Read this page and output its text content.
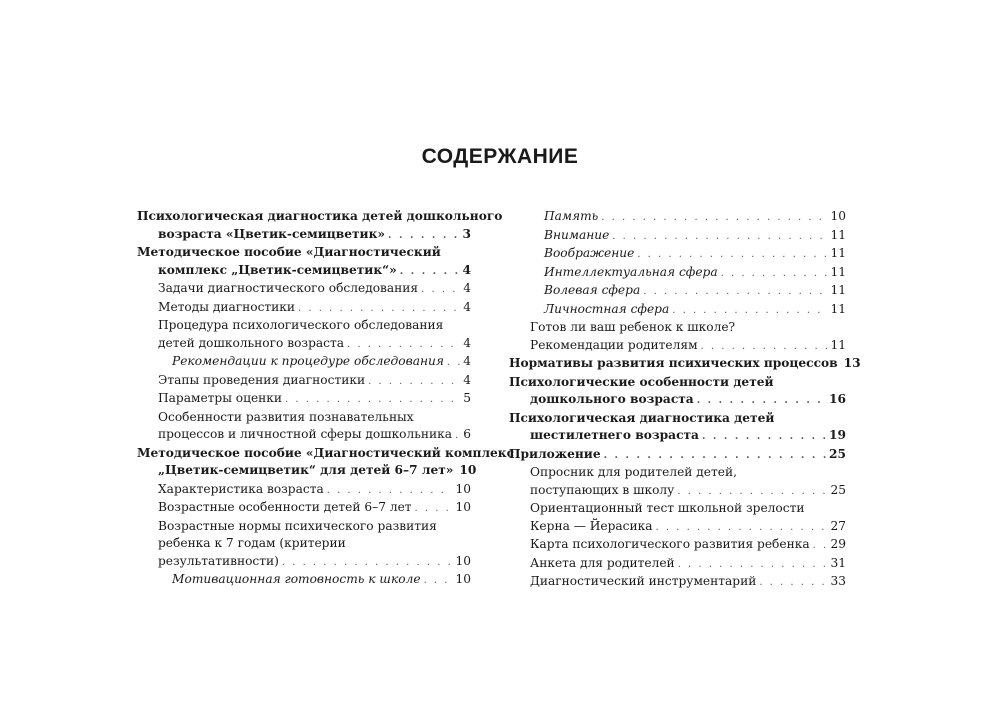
СОДЕРЖАНИЕ
Психологическая диагностика детей дошкольного
возраста «Цветик-семицветик» . . .	3
Методическое пособие «Диагностический
комплекс „Цветик-семицветик“» . . .	4
Задачи диагностического обследования . . .	4
Методы диагностики . . .	4
Процедура психологического обследования
детей дошкольного возраста . . .	4
Рекомендации к процедуре обследования . . . 4
Этапы проведения диагностики . . .	4
Параметры оценки . . .	5
Особенности развития познавательных
процессов и личностной сферы дошкольника . . . 6
Методическое пособие «Диагностический комплекс
„Цветик-семицветик“ для детей 6–7 лет» 10
Характеристика возраста . . .	10
Возрастные особенности детей 6–7 лет . . .	10
Возрастные нормы психического развития
ребенка к 7 годам (критерии
результативности) . . .	10
Мотивационная готовность к школе . . .	10
Память . . .	10
Внимание . . .	11
Воображение . . .	11
Интеллектуальная сфера . . .	11
Волевая сфера . . .	11
Личностная сфера . . .	11
Готов ли ваш ребенок к школе?
Рекомендации родителям . . .	11
Нормативы развития психических процессов 13
Психологические особенности детей
дошкольного возраста . . .	16
Психологическая диагностика детей
шестилетнего возраста . . .	19
Приложение . . .	25
Опросник для родителей детей,
поступающих в школу . . .	25
Ориентационный тест школьной зрелости
Керна — Йерасика . . .	27
Карта психологического развития ребенка . . . 29
Анкета для родителей . . .	31
Диагностический инструментарий . . .	33
